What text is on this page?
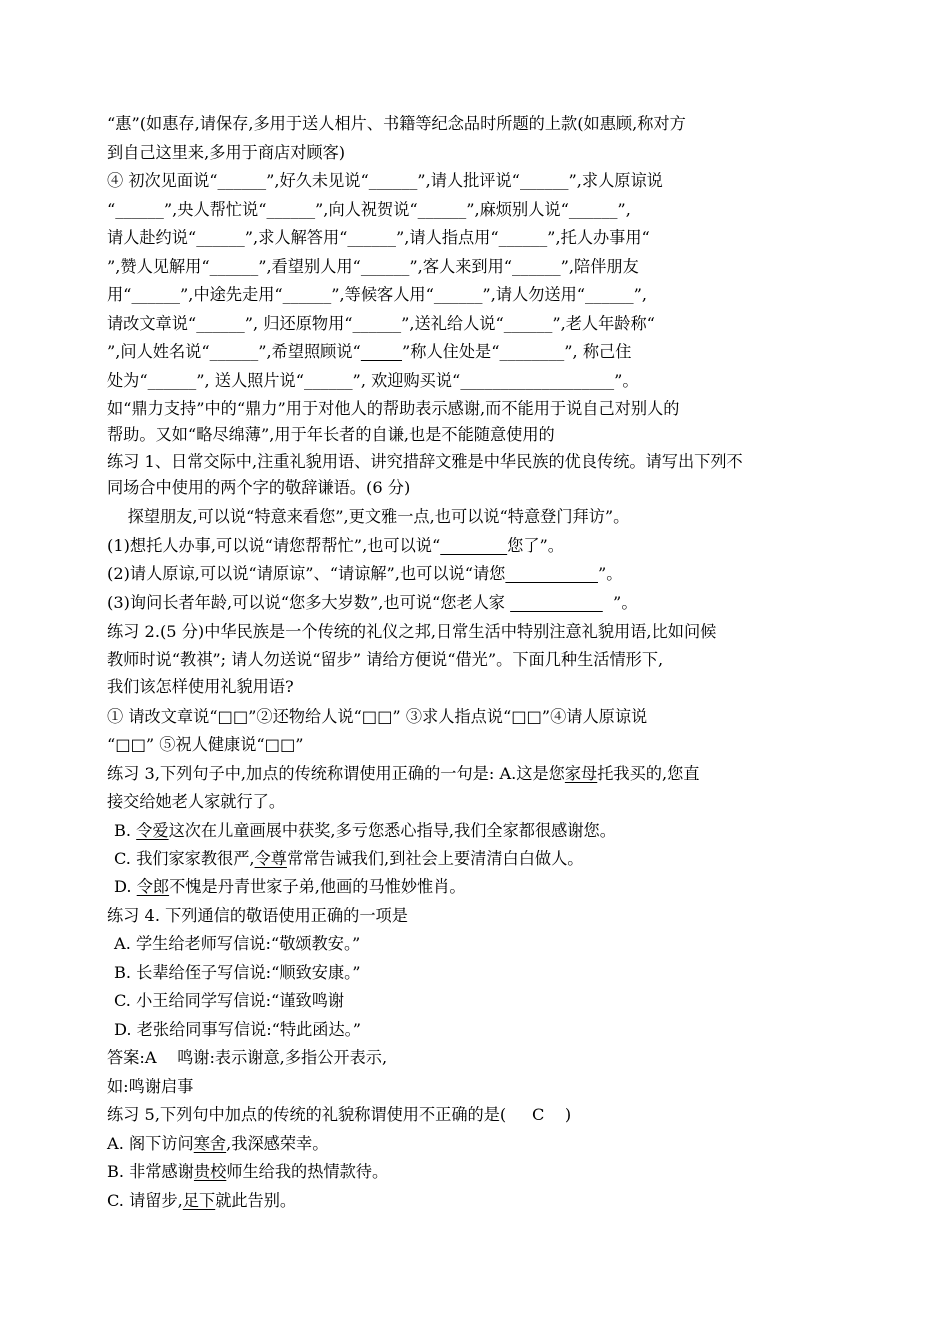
“惠”(如惠存,请保存,多用于送人相片、书籍等纪念品时所题的上款(如惠顾,称对方
到自己这里来,多用于商店对顾客)
④ 初次见面说“______”,好久未见说“______”,请人批评说“______”,求人原谅说
“______”,央人帮忙说“______”,向人祝贺说“______”,麻烦别人说“______”,
请人赴约说“______”,求人解答用“______”,请人指点用“______”,托人办事用“
”,赞人见解用“______”,看望别人用“______”,客人来到用“______”,陪伴朋友
用“______”,中途先走用“______”,等候客人用“______”,请人勿送用“______”,
请改文章说“______”, 归还原物用“______”,送礼给人说“______”,老人年龄称“
”,问人姓名说“______”,希望照顾说“	”称人住处是“________”, 称己住
处为“______”, 送人照片说“______”, 欢迎购买说“___________________”。
如“鼎力支持”中的“鼎力”用于对他人的帮助表示感谢,而不能用于说自己对别人的
帮助。又如“略尽绵薄”,用于年长者的自谦,也是不能随意使用的
练习 1、日常交际中,注重礼貌用语、讲究措辞文雅是中华民族的优良传统。请写出下列不
同场合中使用的两个字的敬辞谦语。(6 分)
探望朋友,可以说“特意来看您”,更文雅一点,也可以说“特意登门拜访”。
(1)想托人办事,可以说“请您帮帮忙”,也可以说“	您了”。
(2)请人原谅,可以说“请原谅”、“请谅解”,也可以说“请您	”。
(3)询问长者年龄,可以说“您多大岁数”,也可说“您老人家	”。
练习 2.(5 分)中华民族是一个传统的礼仪之邦,日常生活中特别注意礼貌用语,比如问候
教师时说“教祺”; 请人勿送说“留步” 请给方便说“借光”。下面几种生活情形下,
我们该怎样使用礼貌用语?
① 请改文章说“□□”②还物给人说“□□” ③求人指点说“□□”④请人原谅说
“□□” ⑤祝人健康说“□□”
练习 3,下列句子中,加点的传统称谓使用正确的一句是: A.这是您家母托我买的,您直
接交给她老人家就行了。
B. 令爱这次在儿童画展中获奖,多亏您悉心指导,我们全家都很感谢您。
C. 我们家家教很严,令尊常常告诫我们,到社会上要清清白白做人。
D. 令郎不愧是丹青世家子弟,他画的马惟妙惟肖。
练习 4. 下列通信的敬语使用正确的一项是
A. 学生给老师写信说:“敬颂教安。”
B. 长辈给侄子写信说:“顺致安康。”
C. 小王给同学写信说:“谨致鸣谢
D. 老张给同事写信说:“特此函达。”
答案:A    鸣谢:表示谢意,多指公开表示,
如:鸣谢启事
练习 5,下列句中加点的传统的礼貌称谓使用不正确的是(     C    )
A. 阁下访问寒舍,我深感荣幸。
B. 非常感谢贵校师生给我的热情款待。
C. 请留步,足下就此告别。
